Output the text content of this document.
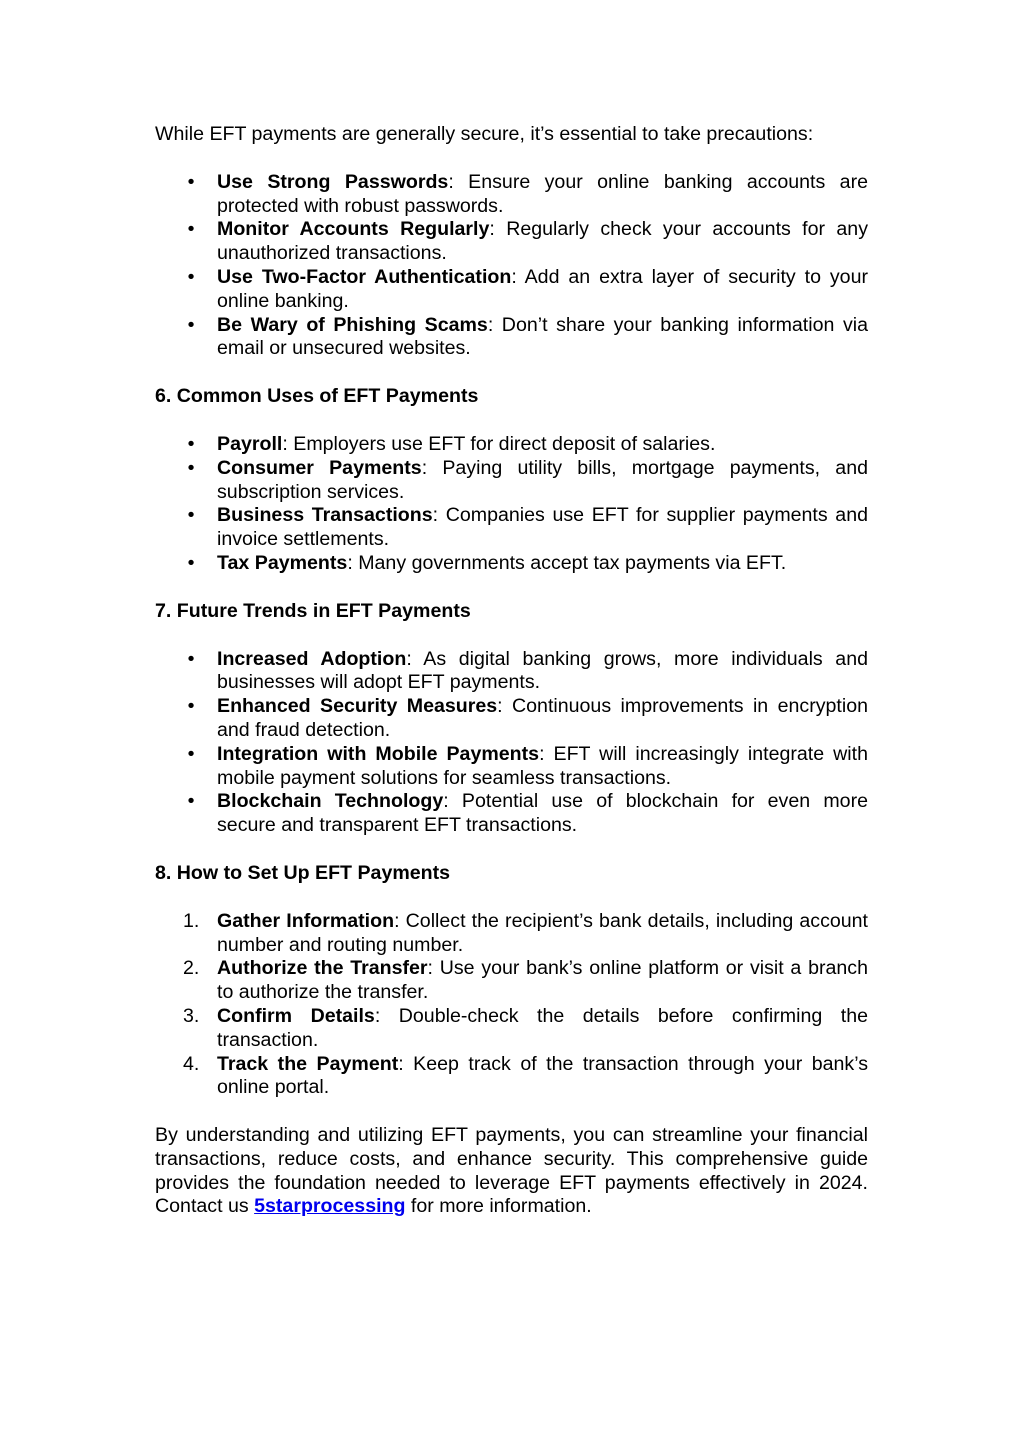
While EFT payments are generally secure, it’s essential to take precautions:

• Use Strong Passwords: Ensure your online banking accounts are protected with robust passwords.
• Monitor Accounts Regularly: Regularly check your accounts for any unauthorized transactions.
• Use Two-Factor Authentication: Add an extra layer of security to your online banking.
• Be Wary of Phishing Scams: Don’t share your banking information via email or unsecured websites.
6. Common Uses of EFT Payments
• Payroll: Employers use EFT for direct deposit of salaries.
• Consumer Payments: Paying utility bills, mortgage payments, and subscription services.
• Business Transactions: Companies use EFT for supplier payments and invoice settlements.
• Tax Payments: Many governments accept tax payments via EFT.
7. Future Trends in EFT Payments
• Increased Adoption: As digital banking grows, more individuals and businesses will adopt EFT payments.
• Enhanced Security Measures: Continuous improvements in encryption and fraud detection.
• Integration with Mobile Payments: EFT will increasingly integrate with mobile payment solutions for seamless transactions.
• Blockchain Technology: Potential use of blockchain for even more secure and transparent EFT transactions.
8. How to Set Up EFT Payments
1. Gather Information: Collect the recipient’s bank details, including account number and routing number.
2. Authorize the Transfer: Use your bank’s online platform or visit a branch to authorize the transfer.
3. Confirm Details: Double-check the details before confirming the transaction.
4. Track the Payment: Keep track of the transaction through your bank’s online portal.

By understanding and utilizing EFT payments, you can streamline your financial transactions, reduce costs, and enhance security. This comprehensive guide provides the foundation needed to leverage EFT payments effectively in 2024. Contact us 5starprocessing for more information.
